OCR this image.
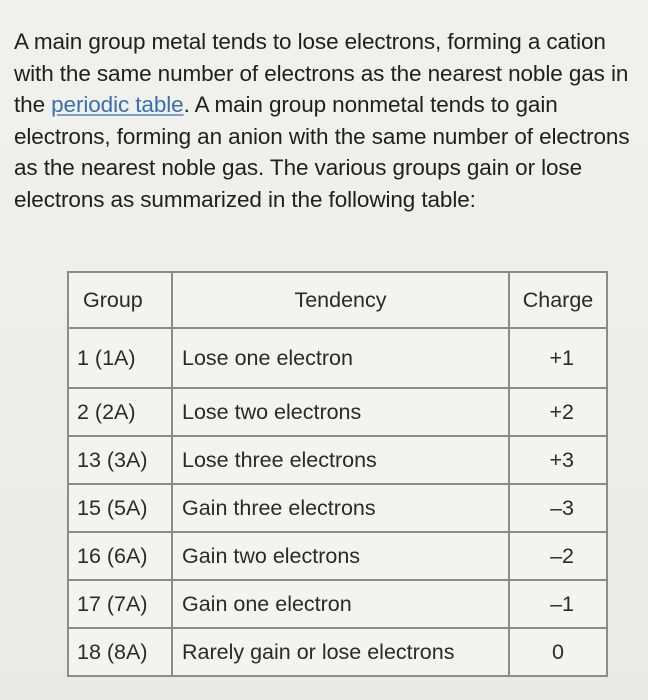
A main group metal tends to lose electrons, forming a cation with the same number of electrons as the nearest noble gas in the periodic table. A main group nonmetal tends to gain electrons, forming an anion with the same number of electrons as the nearest noble gas. The various groups gain or lose electrons as summarized in the following table:

Group	Tendency	Charge
1 (1A)	Lose one electron	+1
2 (2A)	Lose two electrons	+2
13 (3A)	Lose three electrons	+3
15 (5A)	Gain three electrons	–3
16 (6A)	Gain two electrons	–2
17 (7A)	Gain one electron	–1
18 (8A)	Rarely gain or lose electrons	0
